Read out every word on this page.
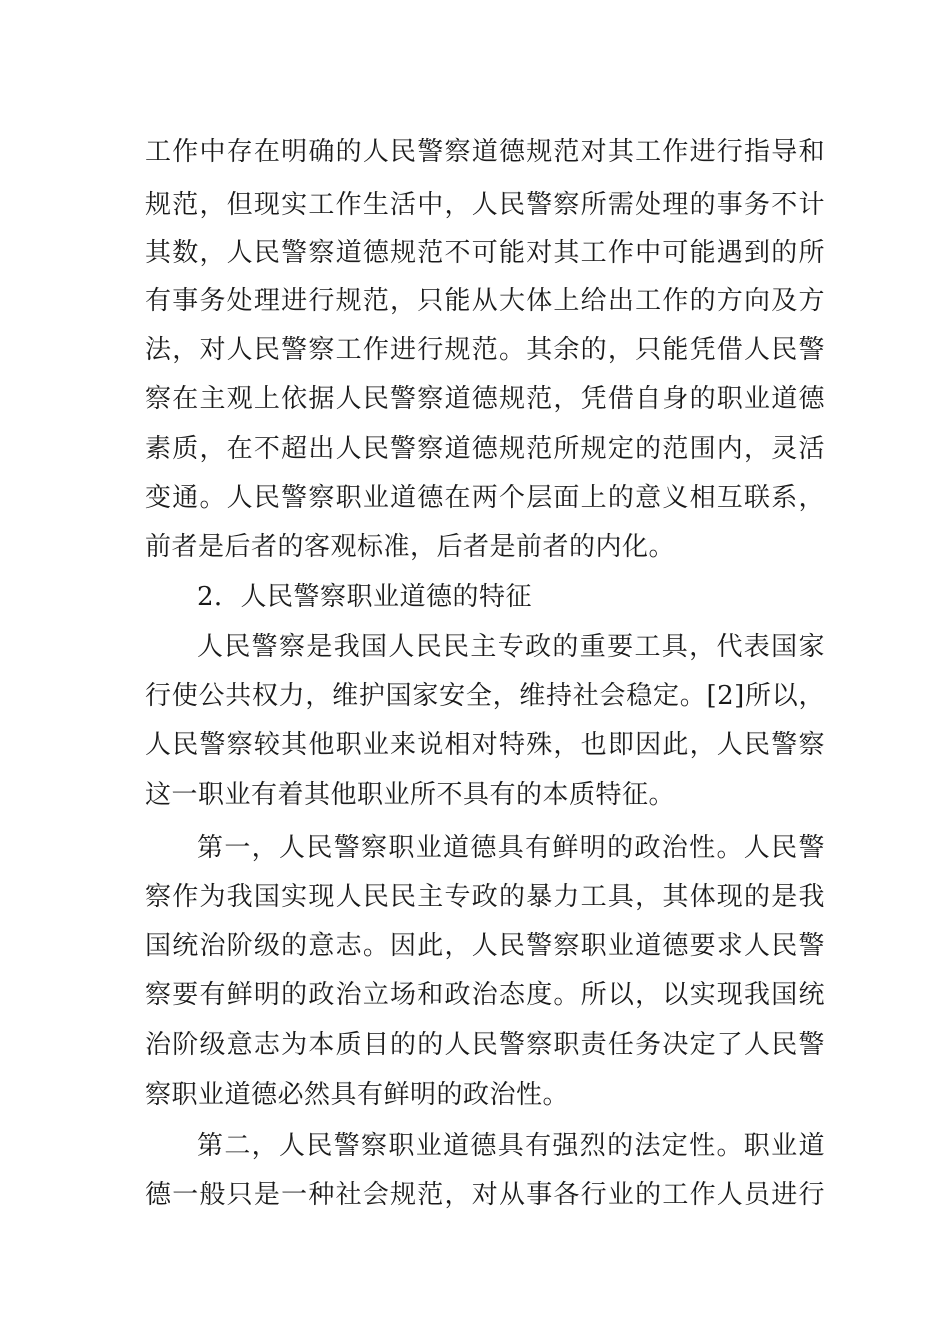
工作中存在明确的人民警察道德规范对其工作进行指导和
规范，但现实工作生活中，人民警察所需处理的事务不计
其数，人民警察道德规范不可能对其工作中可能遇到的所
有事务处理进行规范，只能从大体上给出工作的方向及方
法，对人民警察工作进行规范。其余的，只能凭借人民警
察在主观上依据人民警察道德规范，凭借自身的职业道德
素质，在不超出人民警察道德规范所规定的范围内，灵活
变通。人民警察职业道德在两个层面上的意义相互联系，
前者是后者的客观标准，后者是前者的内化。
2．人民警察职业道德的特征
人民警察是我国人民民主专政的重要工具，代表国家
行使公共权力，维护国家安全，维持社会稳定。[2]所以，
人民警察较其他职业来说相对特殊，也即因此，人民警察
这一职业有着其他职业所不具有的本质特征。
第一，人民警察职业道德具有鲜明的政治性。人民警
察作为我国实现人民民主专政的暴力工具，其体现的是我
国统治阶级的意志。因此，人民警察职业道德要求人民警
察要有鲜明的政治立场和政治态度。所以，以实现我国统
治阶级意志为本质目的的人民警察职责任务决定了人民警
察职业道德必然具有鲜明的政治性。
第二，人民警察职业道德具有强烈的法定性。职业道
德一般只是一种社会规范，对从事各行业的工作人员进行
